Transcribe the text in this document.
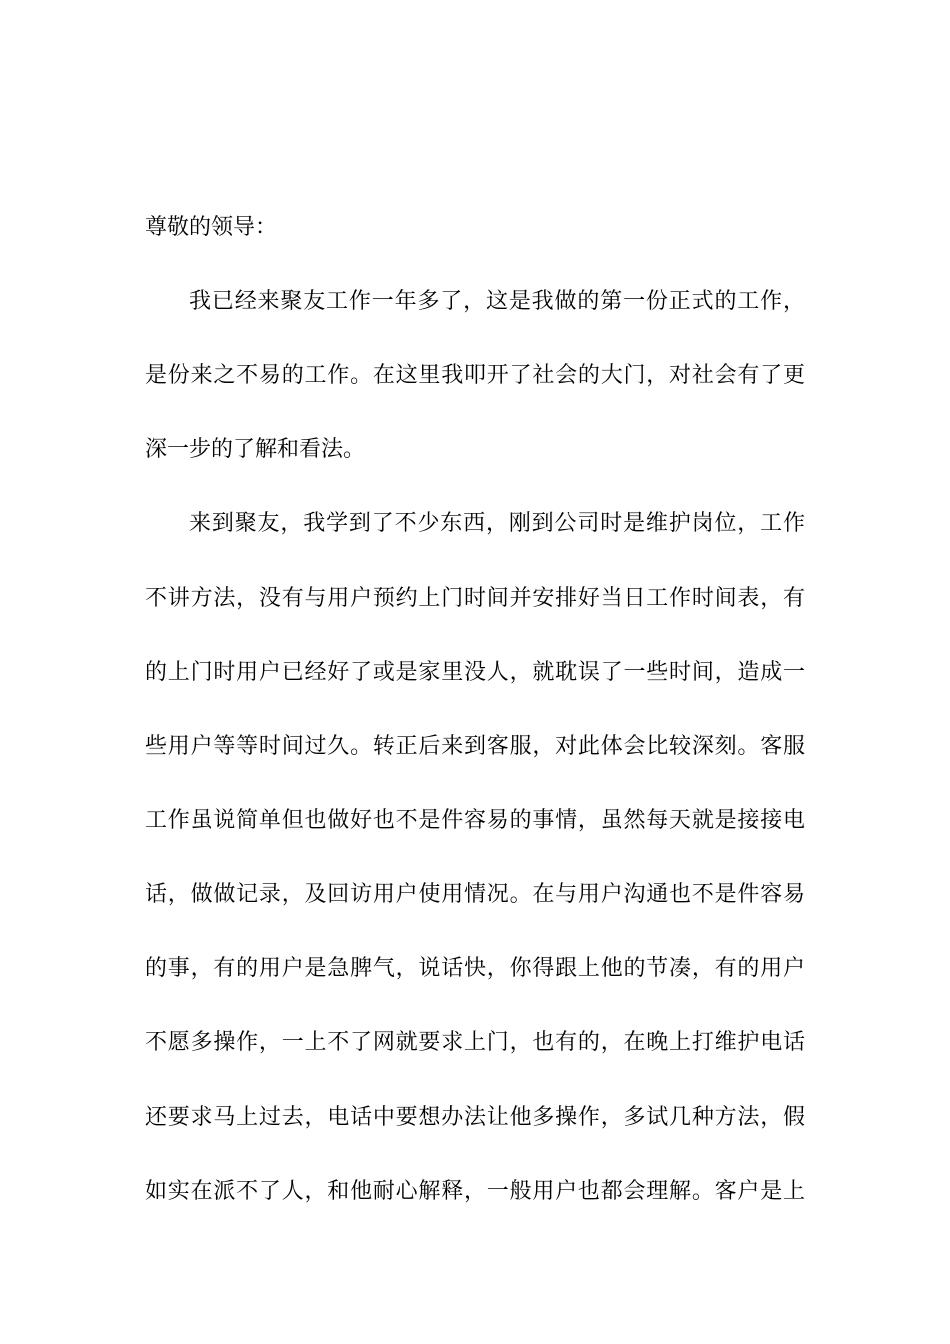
尊敬的领导：

我已经来聚友工作一年多了，这是我做的第一份正式的工作，

是份来之不易的工作。在这里我叩开了社会的大门，对社会有了更

深一步的了解和看法。

来到聚友，我学到了不少东西，刚到公司时是维护岗位，工作

不讲方法，没有与用户预约上门时间并安排好当日工作时间表，有

的上门时用户已经好了或是家里没人，就耽误了一些时间，造成一

些用户等等时间过久。转正后来到客服，对此体会比较深刻。客服

工作虽说简单但也做好也不是件容易的事情，虽然每天就是接接电

话，做做记录，及回访用户使用情况。在与用户沟通也不是件容易

的事，有的用户是急脾气，说话快，你得跟上他的节凑，有的用户

不愿多操作，一上不了网就要求上门，也有的，在晚上打维护电话

还要求马上过去，电话中要想办法让他多操作，多试几种方法，假

如实在派不了人，和他耐心解释，一般用户也都会理解。客户是上
